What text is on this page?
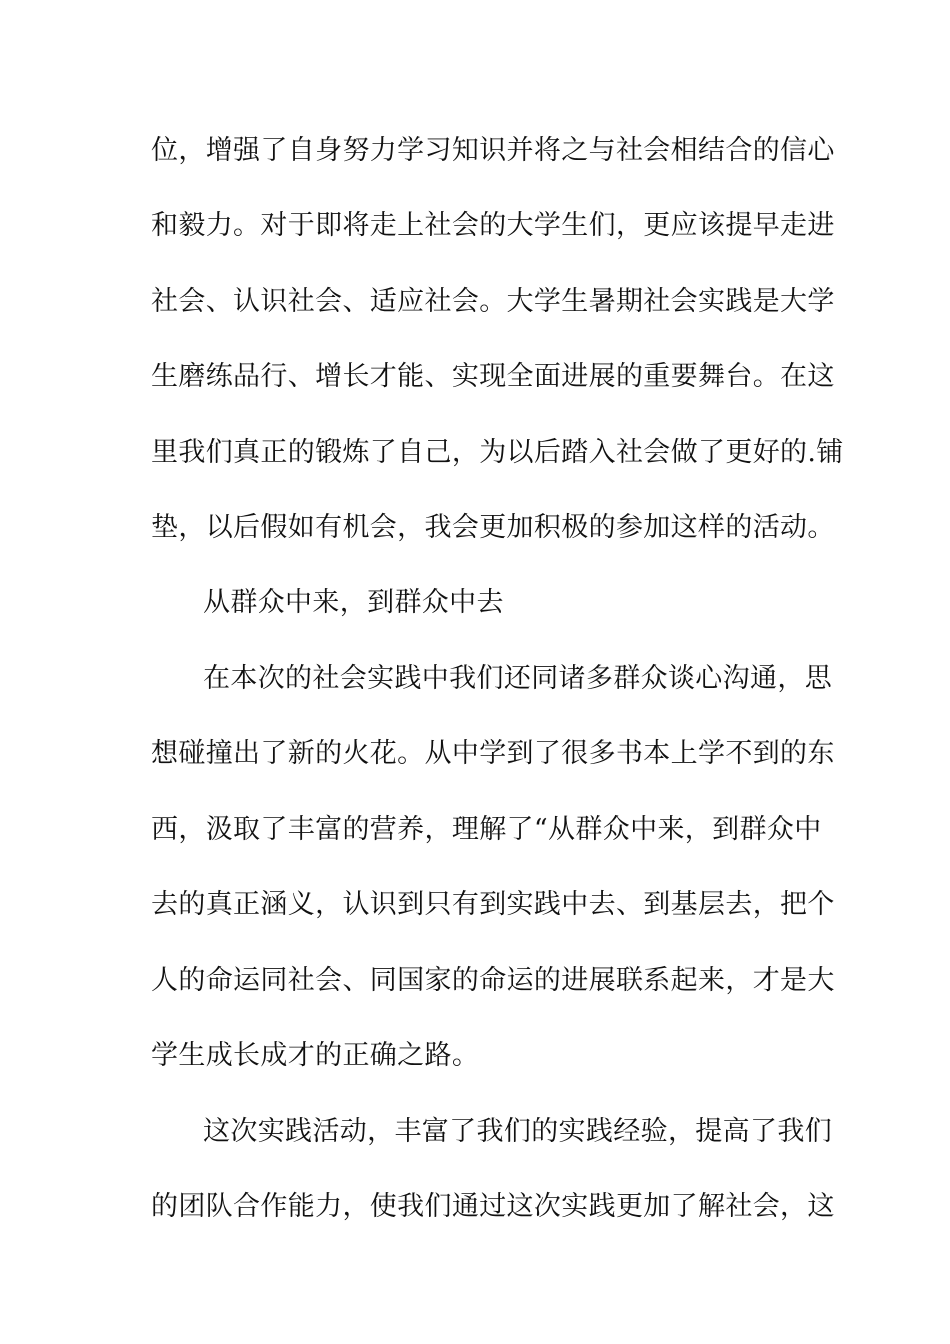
位，增强了自身努力学习知识并将之与社会相结合的信心
和毅力。对于即将走上社会的大学生们，更应该提早走进
社会、认识社会、适应社会。大学生暑期社会实践是大学
生磨练品行、增长才能、实现全面进展的重要舞台。在这
里我们真正的锻炼了自己，为以后踏入社会做了更好的.铺
垫，以后假如有机会，我会更加积极的参加这样的活动。
从群众中来，到群众中去
在本次的社会实践中我们还同诸多群众谈心沟通，思
想碰撞出了新的火花。从中学到了很多书本上学不到的东
西，汲取了丰富的营养，理解了“从群众中来，到群众中
去的真正涵义，认识到只有到实践中去、到基层去，把个
人的命运同社会、同国家的命运的进展联系起来，才是大
学生成长成才的正确之路。
这次实践活动，丰富了我们的实践经验，提高了我们
的团队合作能力，使我们通过这次实践更加了解社会，这
